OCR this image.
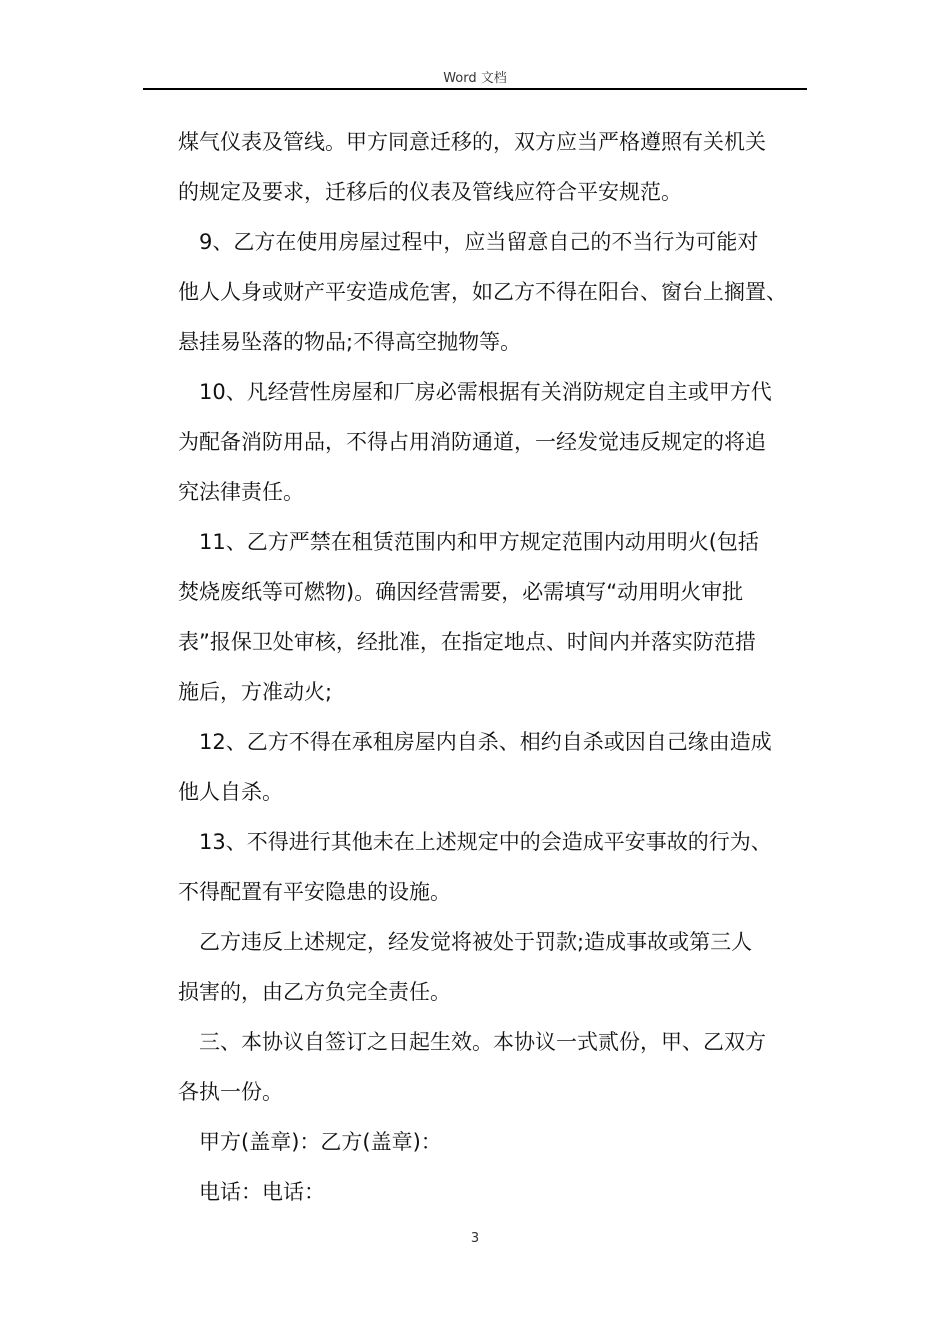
Word 文档

煤气仪表及管线。甲方同意迁移的，双方应当严格遵照有关机关

的规定及要求，迁移后的仪表及管线应符合平安规范。

9、乙方在使用房屋过程中，应当留意自己的不当行为可能对

他人人身或财产平安造成危害，如乙方不得在阳台、窗台上搁置、

悬挂易坠落的物品;不得高空抛物等。

10、凡经营性房屋和厂房必需根据有关消防规定自主或甲方代

为配备消防用品，不得占用消防通道，一经发觉违反规定的将追

究法律责任。

11、乙方严禁在租赁范围内和甲方规定范围内动用明火(包括

焚烧废纸等可燃物)。确因经营需要，必需填写“动用明火审批

表”报保卫处审核，经批准，在指定地点、时间内并落实防范措

施后，方准动火;

12、乙方不得在承租房屋内自杀、相约自杀或因自己缘由造成

他人自杀。

13、不得进行其他未在上述规定中的会造成平安事故的行为、

不得配置有平安隐患的设施。

乙方违反上述规定，经发觉将被处于罚款;造成事故或第三人

损害的，由乙方负完全责任。

三、本协议自签订之日起生效。本协议一式贰份，甲、乙双方

各执一份。

甲方(盖章)：乙方(盖章)：

电话：电话：

3
